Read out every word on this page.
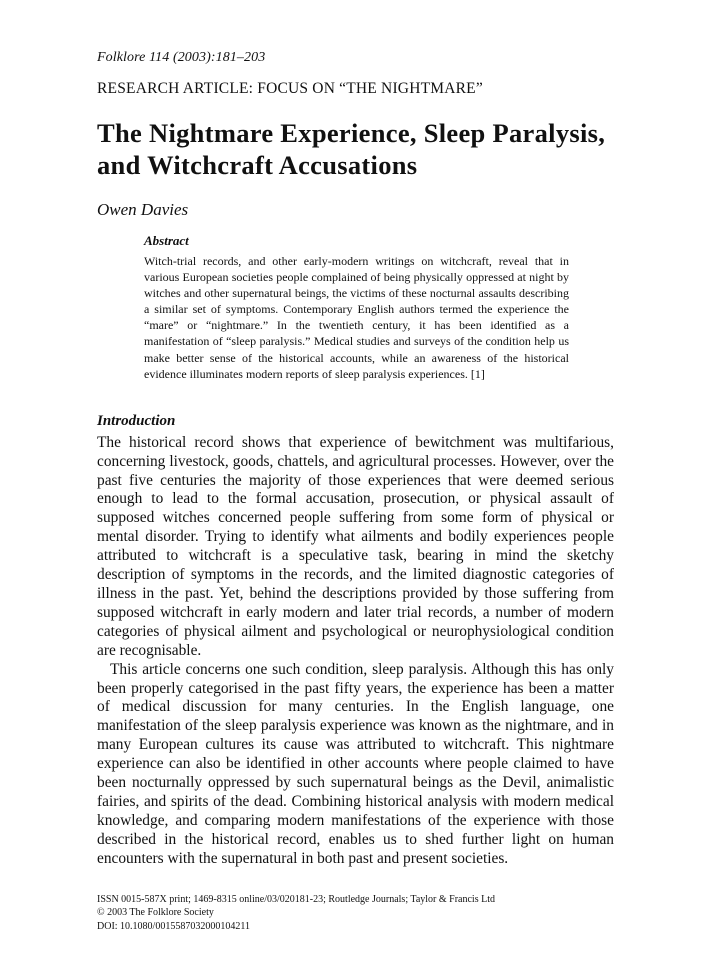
Folklore 114 (2003):181–203
RESEARCH ARTICLE: FOCUS ON “THE NIGHTMARE”
The Nightmare Experience, Sleep Paralysis,
and Witchcraft Accusations
Owen Davies
Abstract

Witch-trial records, and other early-modern writings on witchcraft, reveal that in various European societies people complained of being physically oppressed at night by witches and other supernatural beings, the victims of these nocturnal assaults describing a similar set of symptoms. Contemporary English authors termed the experience the “mare” or “nightmare.” In the twentieth century, it has been identified as a manifestation of “sleep paralysis.” Medical studies and surveys of the condition help us make better sense of the historical accounts, while an awareness of the historical evidence illuminates modern reports of sleep paralysis experiences. [1]

Introduction

The historical record shows that experience of bewitchment was multifarious, concerning livestock, goods, chattels, and agricultural processes. However, over the past five centuries the majority of those experiences that were deemed serious enough to lead to the formal accusation, prosecution, or physical assault of supposed witches concerned people suffering from some form of physical or mental disorder. Trying to identify what ailments and bodily experiences people attributed to witchcraft is a speculative task, bearing in mind the sketchy description of symptoms in the records, and the limited diagnostic categories of illness in the past. Yet, behind the descriptions provided by those suffering from supposed witchcraft in early modern and later trial records, a number of modern categories of physical ailment and psychological or neurophysiological condition are recognisable.

This article concerns one such condition, sleep paralysis. Although this has only been properly categorised in the past fifty years, the experience has been a matter of medical discussion for many centuries. In the English language, one manifestation of the sleep paralysis experience was known as the nightmare, and in many European cultures its cause was attributed to witchcraft. This nightmare experience can also be identified in other accounts where people claimed to have been nocturnally oppressed by such supernatural beings as the Devil, animalistic fairies, and spirits of the dead. Combining historical analysis with modern medical knowledge, and comparing modern manifestations of the experience with those described in the historical record, enables us to shed further light on human encounters with the supernatural in both past and present societies.

ISSN 0015-587X print; 1469-8315 online/03/020181-23; Routledge Journals; Taylor & Francis Ltd
© 2003 The Folklore Society
DOI: 10.1080/0015587032000104211
